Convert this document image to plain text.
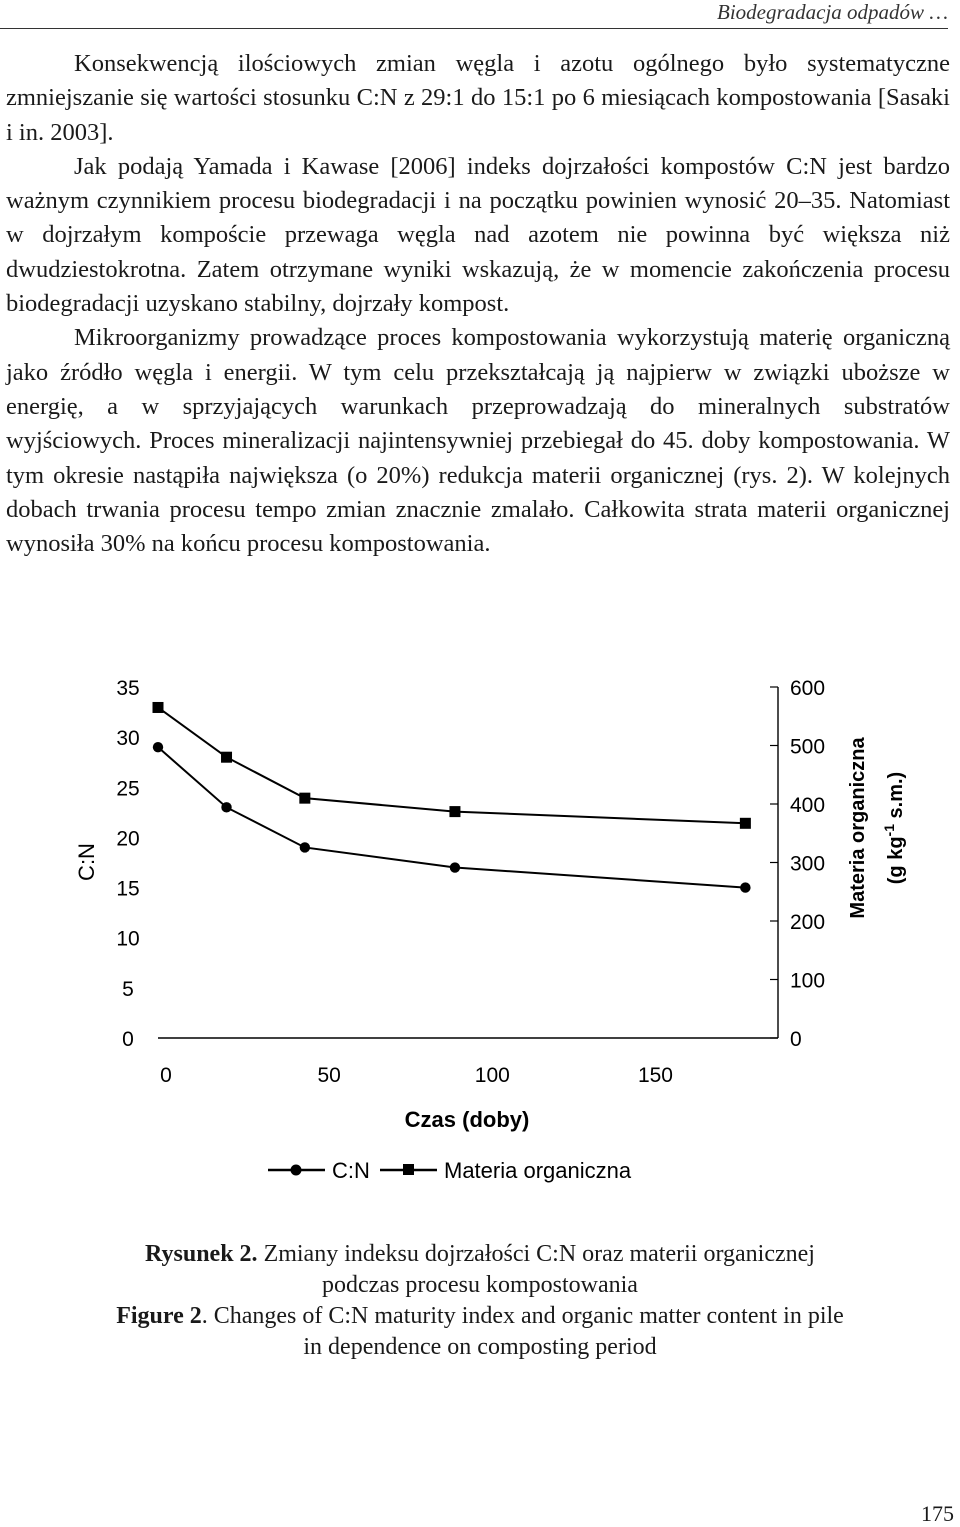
Biodegradacja odpadów …

Konsekwencją ilościowych zmian węgla i azotu ogólnego było systematyczne zmniejszanie się wartości stosunku C:N z 29:1 do 15:1 po 6 miesiącach kompostowania [Sasaki i in. 2003].

Jak podają Yamada i Kawase [2006] indeks dojrzałości kompostów C:N jest bardzo ważnym czynnikiem procesu biodegradacji i na początku powinien wynosić 20–35. Natomiast w dojrzałym kompoście przewaga węgla nad azotem nie powinna być większa niż dwudziestokrotna. Zatem otrzymane wyniki wskazują, że w momencie zakończenia procesu biodegradacji uzyskano stabilny, dojrzały kompost.

Mikroorganizmy prowadzące proces kompostowania wykorzystują materię organiczną jako źródło węgla i energii. W tym celu przekształcają ją najpierw w związki uboższe w energię, a w sprzyjających warunkach przeprowadzają do mineralnych substratów wyjściowych. Proces mineralizacji najintensywniej przebiegał do 45. doby kompostowania. W tym okresie nastąpiła największa (o 20%) redukcja materii organicznej (rys. 2). W kolejnych dobach trwania procesu tempo zmian znacznie zmalało. Całkowita strata materii organicznej wynosiła 30% na końcu procesu kompostowania.

0
5
10
15
20
25
30
35
0
100
200
300
400
500
600
0	50	100	150
C:N	Materia organiczna (g $kg^{-1}$ s.m.)
Czas (doby)
C:N	Materia organiczna
Rysunek 2. Zmiany indeksu dojrzałości C:N oraz materii organicznej
podczas procesu kompostowania
Figure 2. Changes of C:N maturity index and organic matter content in pile
in dependence on composting period
175
